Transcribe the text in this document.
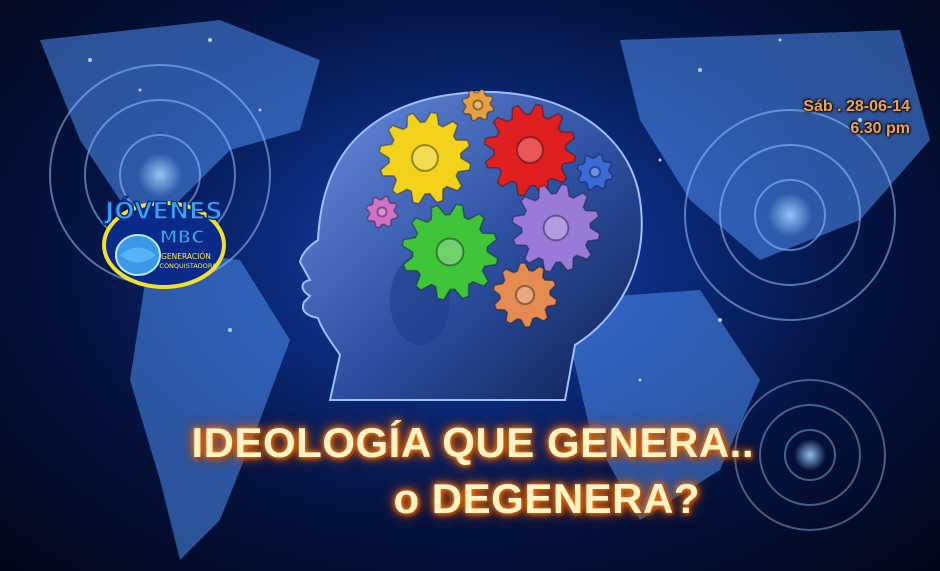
JÓVENES
MBC
GENERACIÓN
CONQUISTADORA
Sáb . 28-06-14
6.30 pm
IDEOLOGÍA QUE GENERA..
o DEGENERA?
